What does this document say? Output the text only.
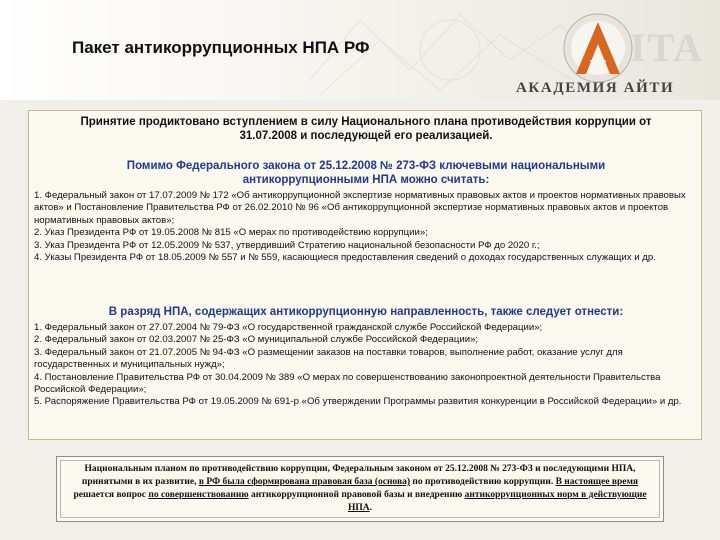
Пакет антикоррупционных НПА РФ	ITA
АКАДЕМИЯ АЙТИ
Принятие продиктовано вступлением в силу Национального плана противодействия коррупции от 31.07.2008 и последующей его реализацией.
Помимо Федерального закона от 25.12.2008 № 273-ФЗ ключевыми национальными антикоррупционными НПА можно считать:
1. Федеральный закон от 17.07.2009 № 172 «Об антикоррупционной экспертизе нормативных правовых актов и проектов нормативных правовых актов» и Постановление Правительства РФ от 26.02.2010 № 96 «Об антикоррупционной экспертизе нормативных правовых актов и проектов нормативных правовых актов»;
2. Указ Президента РФ от 19.05.2008 № 815 «О мерах по противодействию коррупции»;
3. Указ Президента РФ от 12.05.2009 № 537, утвердивший Стратегию национальной безопасности РФ до 2020 г.;
4. Указы Президента РФ от 18.05.2009 № 557 и № 559, касающиеся предоставления сведений о доходах государственных служащих и др.
В разряд НПА, содержащих антикоррупционную направленность, также следует отнести:
1. Федеральный закон от 27.07.2004 № 79-ФЗ «О государственной гражданской службе Российской Федерации»;
2. Федеральный закон от 02.03.2007 № 25-ФЗ «О муниципальной службе Российской Федерации»;
3. Федеральный закон от 21.07.2005 № 94-ФЗ «О размещении заказов на поставки товаров, выполнение работ, оказание услуг для государственных и муниципальных нужд»;
4. Постановление Правительства РФ от 30.04.2009 № 389 «О мерах по совершенствованию законопроектной деятельности Правительства Российской Федерации»;
5. Распоряжение Правительства РФ от 19.05.2009 № 691-р «Об утверждении Программы развития конкуренции в Российской Федерации» и др.
Национальным планом по противодействию коррупции, Федеральным законом от 25.12.2008 № 273-ФЗ и последующими НПА, принятыми в их развитие, в РФ была сформирована правовая база (основа) по противодействию коррупции. В настоящее время решается вопрос по совершенствованию антикоррупционной правовой базы и внедрению антикоррупционных норм в действующие НПА.
